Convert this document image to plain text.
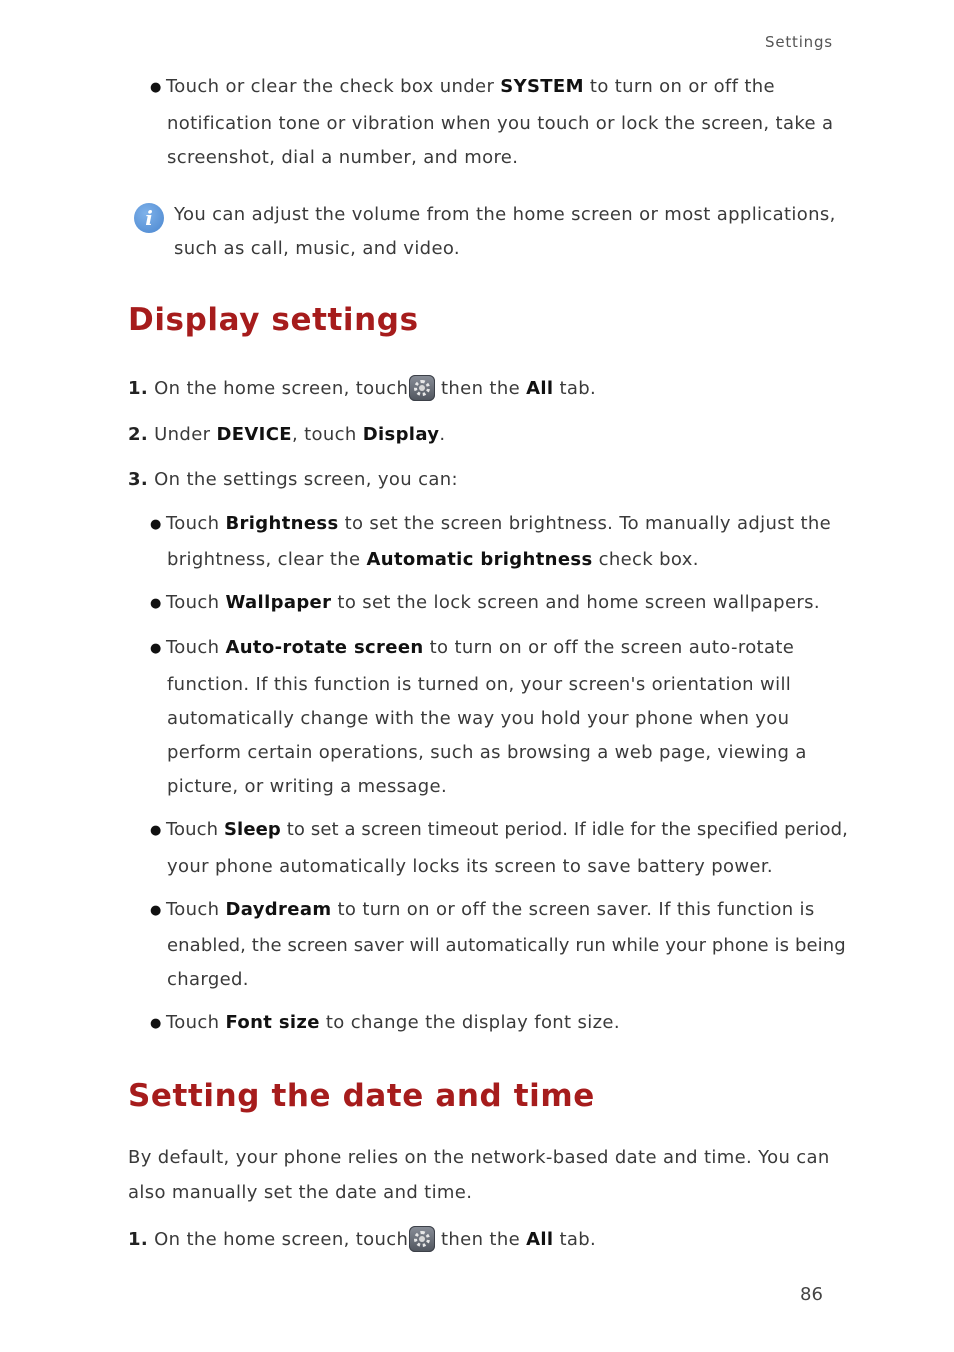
Settings
● Touch or clear the check box under SYSTEM to turn on or off the
notification tone or vibration when you touch or lock the screen, take a
screenshot, dial a number, and more.
i	You can adjust the volume from the home screen or most applications,
such as call, music, and video.
Display settings
1. On the home screen, touch then the All tab.
2. Under DEVICE, touch Display.
3. On the settings screen, you can:
● Touch Brightness to set the screen brightness. To manually adjust the
brightness, clear the Automatic brightness check box.
● Touch Wallpaper to set the lock screen and home screen wallpapers.
● Touch Auto-rotate screen to turn on or off the screen auto-rotate
function. If this function is turned on, your screen's orientation will
automatically change with the way you hold your phone when you
perform certain operations, such as browsing a web page, viewing a
picture, or writing a message.
● Touch Sleep to set a screen timeout period. If idle for the specified period,
your phone automatically locks its screen to save battery power.
● Touch Daydream to turn on or off the screen saver. If this function is
enabled, the screen saver will automatically run while your phone is being
charged.
● Touch Font size to change the display font size.
Setting the date and time
By default, your phone relies on the network-based date and time. You can
also manually set the date and time.
1. On the home screen, touch then the All tab.
86
